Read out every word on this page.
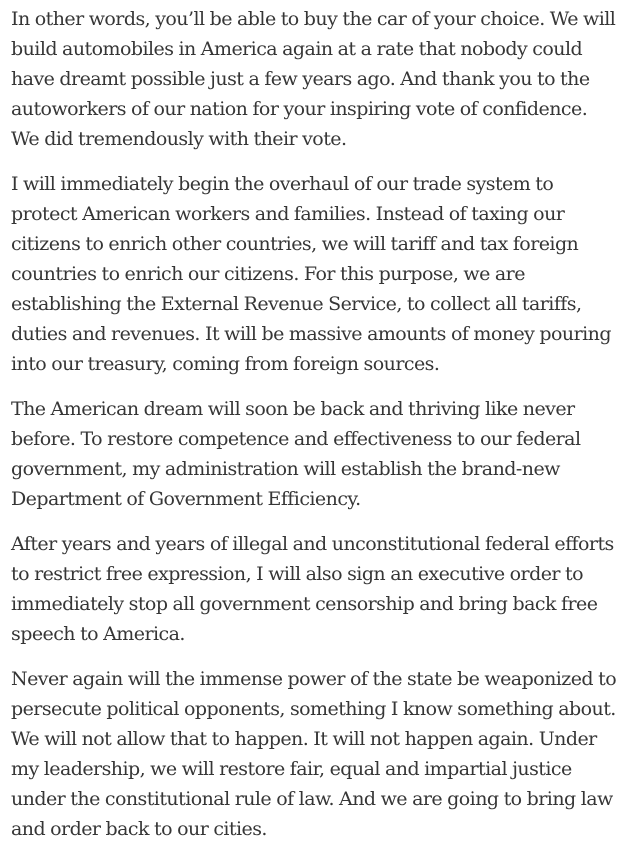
In other words, you’ll be able to buy the car of your choice. We will build automobiles in America again at a rate that nobody could have dreamt possible just a few years ago. And thank you to the autoworkers of our nation for your inspiring vote of confidence. We did tremendously with their vote.

I will immediately begin the overhaul of our trade system to protect American workers and families. Instead of taxing our citizens to enrich other countries, we will tariff and tax foreign countries to enrich our citizens. For this purpose, we are establishing the External Revenue Service, to collect all tariffs, duties and revenues. It will be massive amounts of money pouring into our treasury, coming from foreign sources.

The American dream will soon be back and thriving like never before. To restore competence and effectiveness to our federal government, my administration will establish the brand-new Department of Government Efficiency.

After years and years of illegal and unconstitutional federal efforts to restrict free expression, I will also sign an executive order to immediately stop all government censorship and bring back free speech to America.

Never again will the immense power of the state be weaponized to persecute political opponents, something I know something about. We will not allow that to happen. It will not happen again. Under my leadership, we will restore fair, equal and impartial justice under the constitutional rule of law. And we are going to bring law and order back to our cities.
